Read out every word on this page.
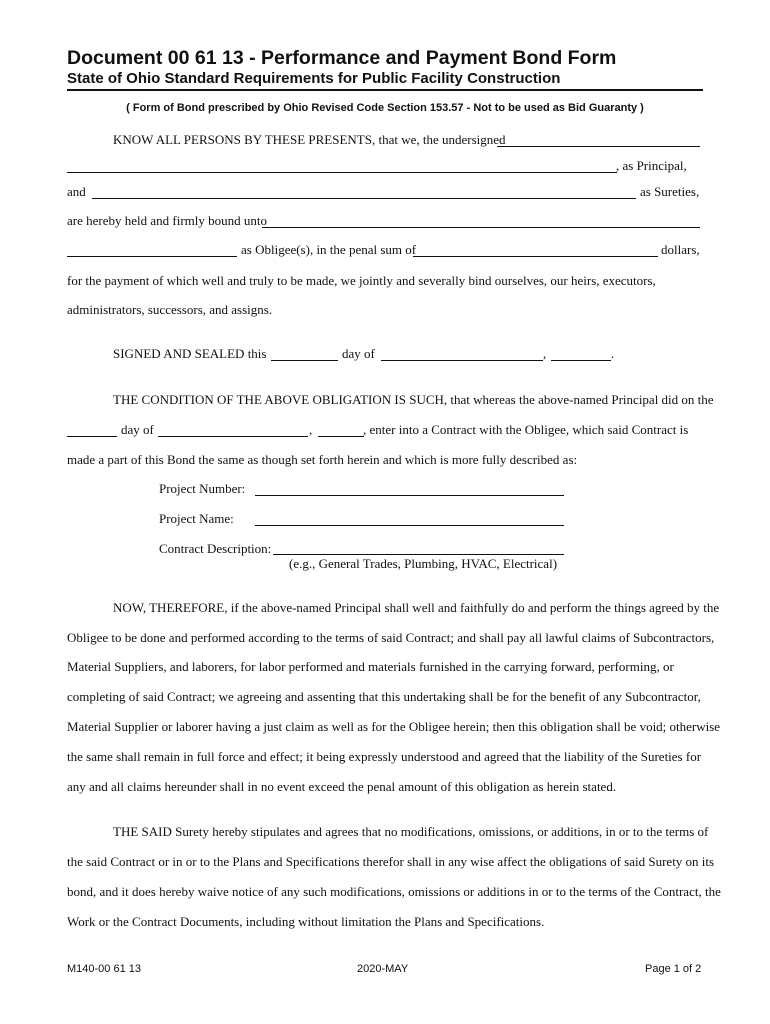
Document 00 61 13 - Performance and Payment Bond Form
State of Ohio Standard Requirements for Public Facility Construction
( Form of Bond prescribed by Ohio Revised Code Section 153.57 - Not to be used as Bid Guaranty )
KNOW ALL PERSONS BY THESE PRESENTS, that we, the undersigned
, as Principal,
and	as Sureties,
are hereby held and firmly bound unto
as Obligee(s), in the penal sum of	dollars,
for the payment of which well and truly to be made, we jointly and severally bind ourselves, our heirs, executors,
administrators, successors, and assigns.
SIGNED AND SEALED this	day of	,	.
THE CONDITION OF THE ABOVE OBLIGATION IS SUCH, that whereas the above-named Principal did on the
day of	,	, enter into a Contract with the Obligee, which said Contract is
made a part of this Bond the same as though set forth herein and which is more fully described as:
Project Number:
Project Name:
Contract Description:
(e.g., General Trades, Plumbing, HVAC, Electrical)
NOW, THEREFORE, if the above-named Principal shall well and faithfully do and perform the things agreed by the
Obligee to be done and performed according to the terms of said Contract; and shall pay all lawful claims of Subcontractors,
Material Suppliers, and laborers, for labor performed and materials furnished in the carrying forward, performing, or
completing of said Contract; we agreeing and assenting that this undertaking shall be for the benefit of any Subcontractor,
Material Supplier or laborer having a just claim as well as for the Obligee herein; then this obligation shall be void; otherwise
the same shall remain in full force and effect; it being expressly understood and agreed that the liability of the Sureties for
any and all claims hereunder shall in no event exceed the penal amount of this obligation as herein stated.
THE SAID Surety hereby stipulates and agrees that no modifications, omissions, or additions, in or to the terms of
the said Contract or in or to the Plans and Specifications therefor shall in any wise affect the obligations of said Surety on its
bond, and it does hereby waive notice of any such modifications, omissions or additions in or to the terms of the Contract, the
Work or the Contract Documents, including without limitation the Plans and Specifications.
M140-00 61 13	2020-MAY	Page 1 of 2
